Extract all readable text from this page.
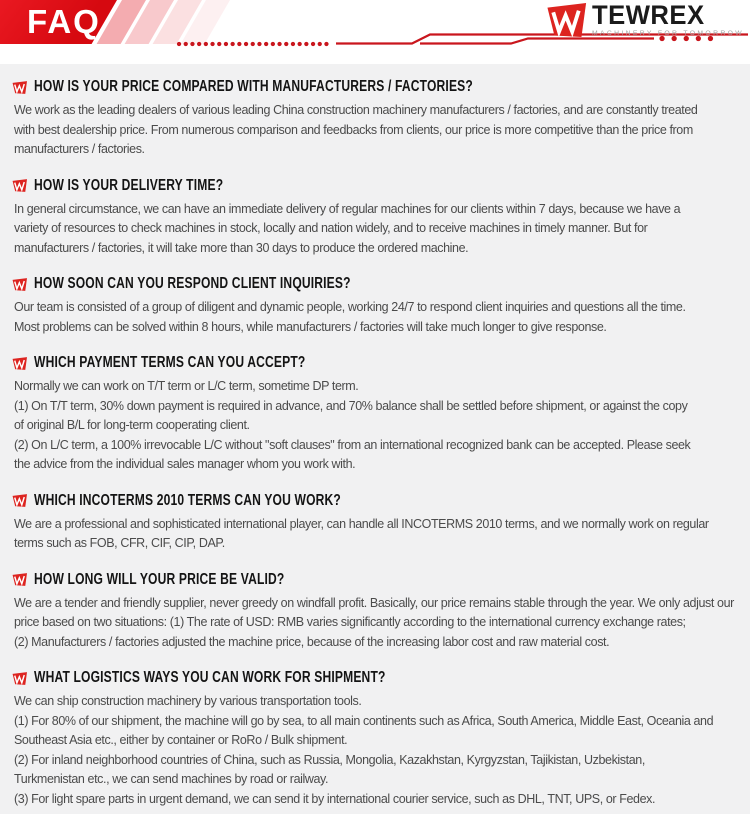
FAQ	TEWREX
MACHINERY FOR TOMORROW
HOW IS YOUR PRICE COMPARED WITH MANUFACTURERS / FACTORIES?
We work as the leading dealers of various leading China construction machinery manufacturers / factories, and are constantly treated
with best dealership price. From numerous comparison and feedbacks from clients, our price is more competitive than the price from
manufacturers / factories.
HOW IS YOUR DELIVERY TIME?
In general circumstance, we can have an immediate delivery of regular machines for our clients within 7 days, because we have a
variety of resources to check machines in stock, locally and nation widely, and to receive machines in timely manner. But for
manufacturers / factories, it will take more than 30 days to produce the ordered machine.
HOW SOON CAN YOU RESPOND CLIENT INQUIRIES?
Our team is consisted of a group of diligent and dynamic people, working 24/7 to respond client inquiries and questions all the time.
Most problems can be solved within 8 hours, while manufacturers / factories will take much longer to give response.
WHICH PAYMENT TERMS CAN YOU ACCEPT?
Normally we can work on T/T term or L/C term, sometime DP term.
(1) On T/T term, 30% down payment is required in advance, and 70% balance shall be settled before shipment, or against the copy
of original B/L for long-term cooperating client.
(2) On L/C term, a 100% irrevocable L/C without "soft clauses" from an international recognized bank can be accepted. Please seek
the advice from the individual sales manager whom you work with.
WHICH INCOTERMS 2010 TERMS CAN YOU WORK?
We are a professional and sophisticated international player, can handle all INCOTERMS 2010 terms, and we normally work on regular
terms such as FOB, CFR, CIF, CIP, DAP.
HOW LONG WILL YOUR PRICE BE VALID?
We are a tender and friendly supplier, never greedy on windfall profit. Basically, our price remains stable through the year. We only adjust our
price based on two situations: (1) The rate of USD: RMB varies significantly according to the international currency exchange rates;
(2) Manufacturers / factories adjusted the machine price, because of the increasing labor cost and raw material cost.
WHAT LOGISTICS WAYS YOU CAN WORK FOR SHIPMENT?
We can ship construction machinery by various transportation tools.
(1) For 80% of our shipment, the machine will go by sea, to all main continents such as Africa, South America, Middle East, Oceania and
Southeast Asia etc., either by container or RoRo / Bulk shipment.
(2) For inland neighborhood countries of China, such as Russia, Mongolia, Kazakhstan, Kyrgyzstan, Tajikistan, Uzbekistan,
Turkmenistan etc., we can send machines by road or railway.
(3) For light spare parts in urgent demand, we can send it by international courier service, such as DHL, TNT, UPS, or Fedex.
